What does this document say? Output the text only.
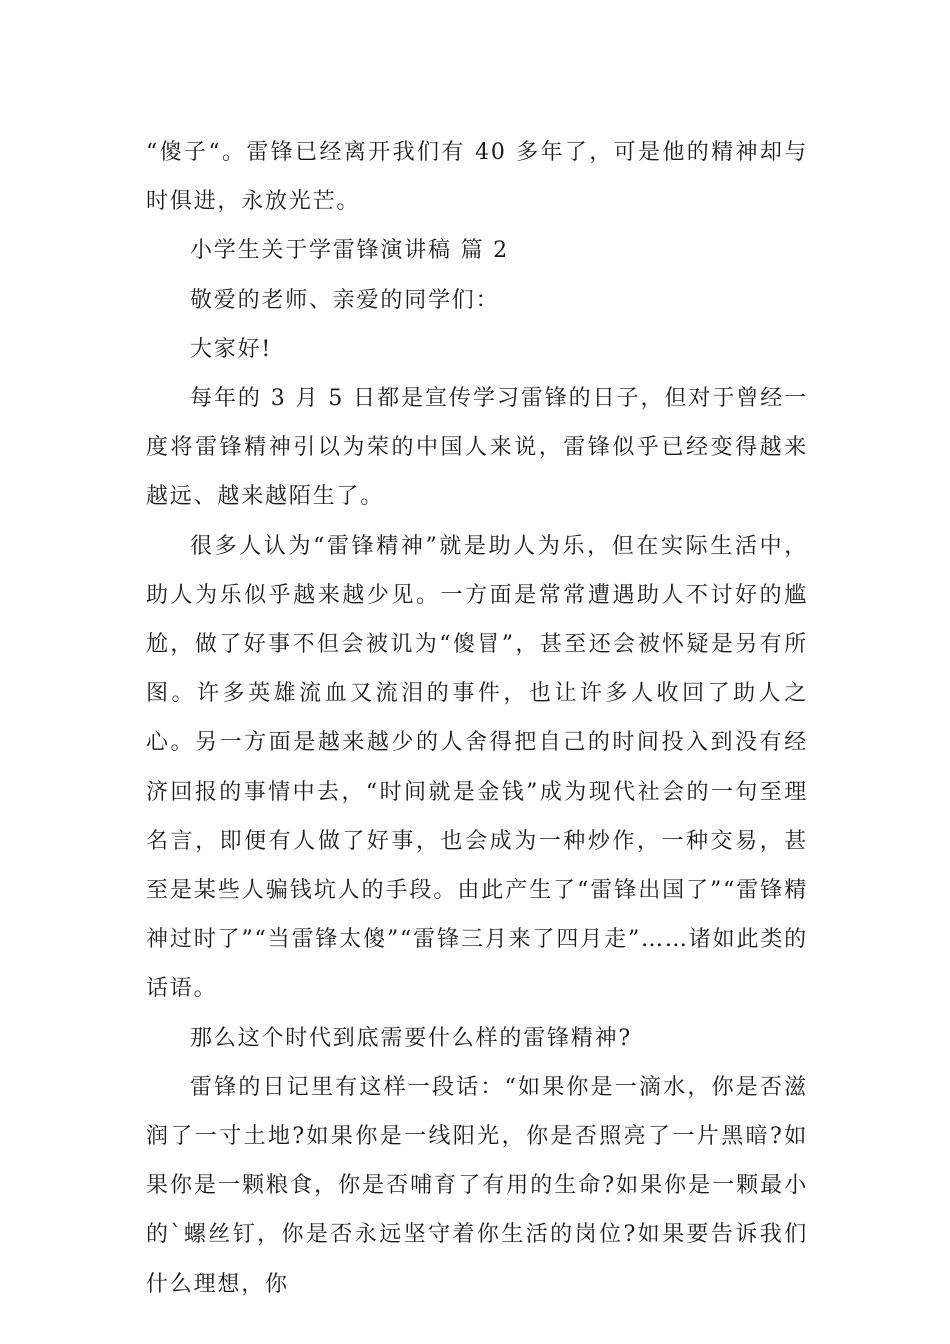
“傻子“。雷锋已经离开我们有 40 多年了，可是他的精神却与时俱进，永放光芒。

小学生关于学雷锋演讲稿 篇 2

敬爱的老师、亲爱的同学们：

大家好!

每年的 3 月 5 日都是宣传学习雷锋的日子，但对于曾经一度将雷锋精神引以为荣的中国人来说，雷锋似乎已经变得越来越远、越来越陌生了。

很多人认为“雷锋精神”就是助人为乐，但在实际生活中，助人为乐似乎越来越少见。一方面是常常遭遇助人不讨好的尴尬，做了好事不但会被讥为“傻冒”，甚至还会被怀疑是另有所图。许多英雄流血又流泪的事件，也让许多人收回了助人之心。另一方面是越来越少的人舍得把自己的时间投入到没有经济回报的事情中去，“时间就是金钱”成为现代社会的一句至理名言，即便有人做了好事，也会成为一种炒作，一种交易，甚至是某些人骗钱坑人的手段。由此产生了“雷锋出国了”“雷锋精神过时了”“当雷锋太傻”“雷锋三月来了四月走”……诸如此类的话语。

那么这个时代到底需要什么样的雷锋精神?

雷锋的日记里有这样一段话：“如果你是一滴水，你是否滋润了一寸土地?如果你是一线阳光，你是否照亮了一片黑暗?如果你是一颗粮食，你是否哺育了有用的生命?如果你是一颗最小的`螺丝钉，你是否永远坚守着你生活的岗位?如果要告诉我们什么理想，你
